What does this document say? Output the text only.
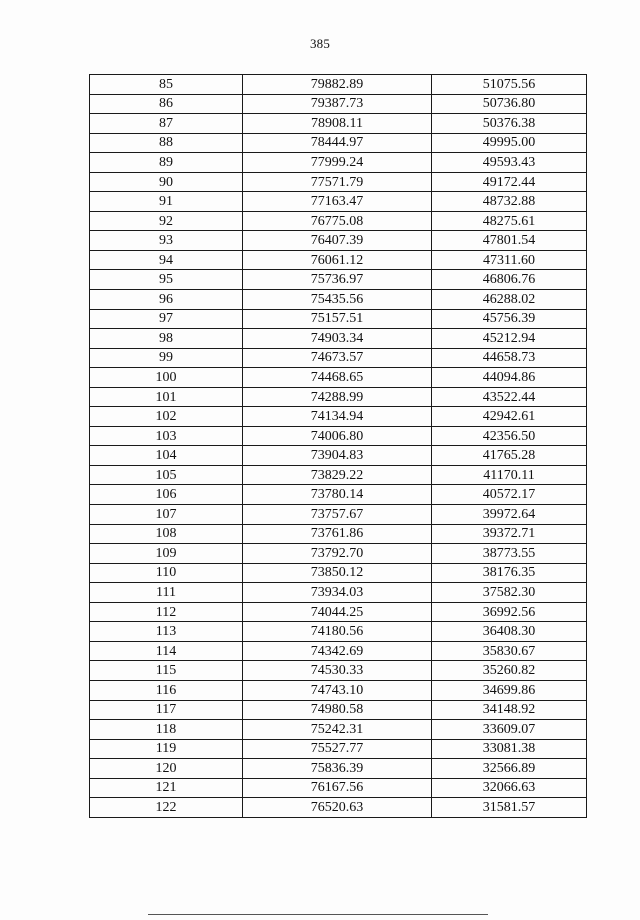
385
85	79882.89	51075.56
86	79387.73	50736.80
87	78908.11	50376.38
88	78444.97	49995.00
89	77999.24	49593.43
90	77571.79	49172.44
91	77163.47	48732.88
92	76775.08	48275.61
93	76407.39	47801.54
94	76061.12	47311.60
95	75736.97	46806.76
96	75435.56	46288.02
97	75157.51	45756.39
98	74903.34	45212.94
99	74673.57	44658.73
100	74468.65	44094.86
101	74288.99	43522.44
102	74134.94	42942.61
103	74006.80	42356.50
104	73904.83	41765.28
105	73829.22	41170.11
106	73780.14	40572.17
107	73757.67	39972.64
108	73761.86	39372.71
109	73792.70	38773.55
110	73850.12	38176.35
111	73934.03	37582.30
112	74044.25	36992.56
113	74180.56	36408.30
114	74342.69	35830.67
115	74530.33	35260.82
116	74743.10	34699.86
117	74980.58	34148.92
118	75242.31	33609.07
119	75527.77	33081.38
120	75836.39	32566.89
121	76167.56	32066.63
122	76520.63	31581.57
